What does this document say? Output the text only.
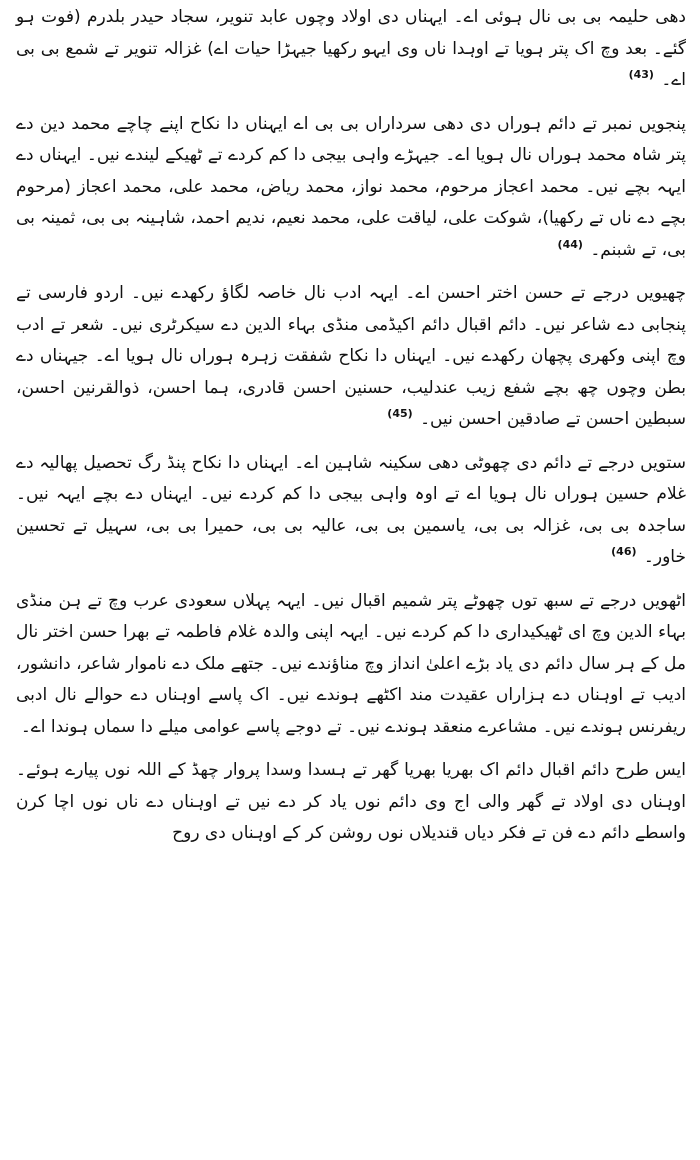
دھی حلیمہ بی بی نال ہوئی اے۔ ایہناں دی اولاد وچوں عابد تنویر، سجاد حیدر بلدرم (فوت ہو گئے۔ بعد وچ اک پتر ہویا تے اوہدا ناں وی ایہو رکھیا جیہڑا حیات اے) غزالہ تنویر تے شمع بی بی اے۔ $^{(43)}$

پنجویں نمبر تے دائم ہوراں دی دھی سرداراں بی بی اے ایہناں دا نکاح اپنے چاچے محمد دین دے پتر شاہ محمد ہوراں نال ہویا اے۔ جیہڑے واہی بیجی دا کم کردے تے ٹھیکے لیندے نیں۔ ایہناں دے ایہہ بچے نیں۔ محمد اعجاز مرحوم، محمد نواز، محمد ریاض، محمد علی، محمد اعجاز (مرحوم بچے دے ناں تے رکھیا)، شوکت علی، لیاقت علی، محمد نعیم، ندیم احمد، شاہینہ بی بی، ثمینہ بی بی، تے شبنم۔ $^{(44)}$

چھیویں درجے تے حسن اختر احسن اے۔ ایہہ ادب نال خاصہ لگاؤ رکھدے نیں۔ اردو فارسی تے پنجابی دے شاعر نیں۔ دائم اقبال دائم اکیڈمی منڈی بہاء الدین دے سیکرٹری نیں۔ شعر تے ادب وچ اپنی وکھری پچھان رکھدے نیں۔ ایہناں دا نکاح شفقت زہرہ ہوراں نال ہویا اے۔ جیہناں دے بطن وچوں چھ بچے شفع زیب عندلیب، حسنین احسن قادری، ہما احسن، ذوالقرنین احسن، سبطین احسن تے صادقین احسن نیں۔ $^{(45)}$

ستویں درجے تے دائم دی چھوٹی دھی سکینہ شاہین اے۔ ایہناں دا نکاح پنڈ رگ تحصیل پھالیہ دے غلام حسین ہوراں نال ہویا اے تے اوہ واہی بیجی دا کم کردے نیں۔ ایہناں دے بچے ایہہ نیں۔ ساجدہ بی بی، غزالہ بی بی، یاسمین بی بی، عالیہ بی بی، حمیرا بی بی، سہیل تے تحسین خاور۔ $^{(46)}$

اٹھویں درجے تے سبھ توں چھوٹے پتر شمیم اقبال نیں۔ ایہہ پہلاں سعودی عرب وچ تے ہن منڈی بہاء الدین وچ ای ٹھیکیداری دا کم کردے نیں۔ ایہہ اپنی والدہ غلام فاطمہ تے بھرا حسن اختر نال مل کے ہر سال دائم دی یاد بڑے اعلیٰ انداز وچ مناؤندے نیں۔ جتھے ملک دے ناموار شاعر، دانشور، ادیب تے اوہناں دے ہزاراں عقیدت مند اکٹھے ہوندے نیں۔ اک پاسے اوہناں دے حوالے نال ادبی ریفرنس ہوندے نیں۔ مشاعرے منعقد ہوندے نیں۔ تے دوجے پاسے عوامی میلے دا سماں ہوندا اے۔

ایس طرح دائم اقبال دائم اک بھریا بھریا گھر تے ہسدا وسدا پروار چھڈ کے اللہ نوں پیارے ہوئے۔ اوہناں دی اولاد تے گھر والی اج وی دائم نوں یاد کر دے نیں تے اوہناں دے ناں نوں اچا کرن واسطے دائم دے فن تے فکر دیاں قندیلاں نوں روشن کر کے اوہناں دی روح
